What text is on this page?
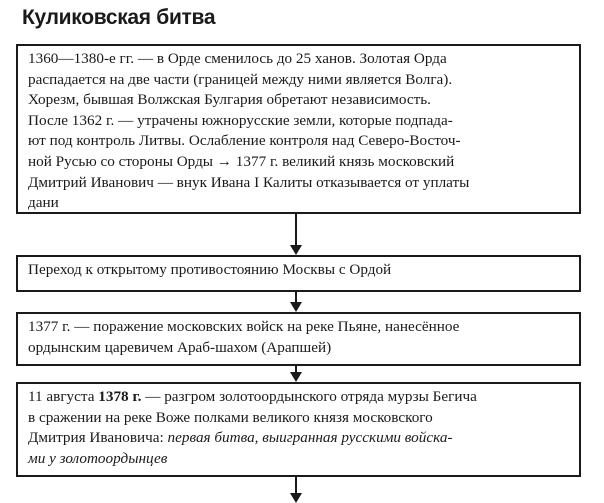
Куликовская битва
1360—1380-е гг. — в Орде сменилось до 25 ханов. Золотая Орда
распадается на две части (границей между ними является Волга).
Хорезм, бывшая Волжская Булгария обретают независимость.
После 1362 г. — утрачены южнорусские земли, которые подпада-
ют под контроль Литвы. Ослабление контроля над Северо-Восточ-
ной Русью со стороны Орды → 1377 г. великий князь московский
Дмитрий Иванович — внук Ивана I Калиты отказывается от уплаты
дани
Переход к открытому противостоянию Москвы с Ордой
1377 г. — поражение московских войск на реке Пьяне, нанесённое
ордынским царевичем Араб-шахом (Арапшей)
11 августа 1378 г. — разгром золотоордынского отряда мурзы Бегича
в сражении на реке Воже полками великого князя московского
Дмитрия Ивановича: первая битва, выигранная русскими войска-
ми у золотоордынцев
